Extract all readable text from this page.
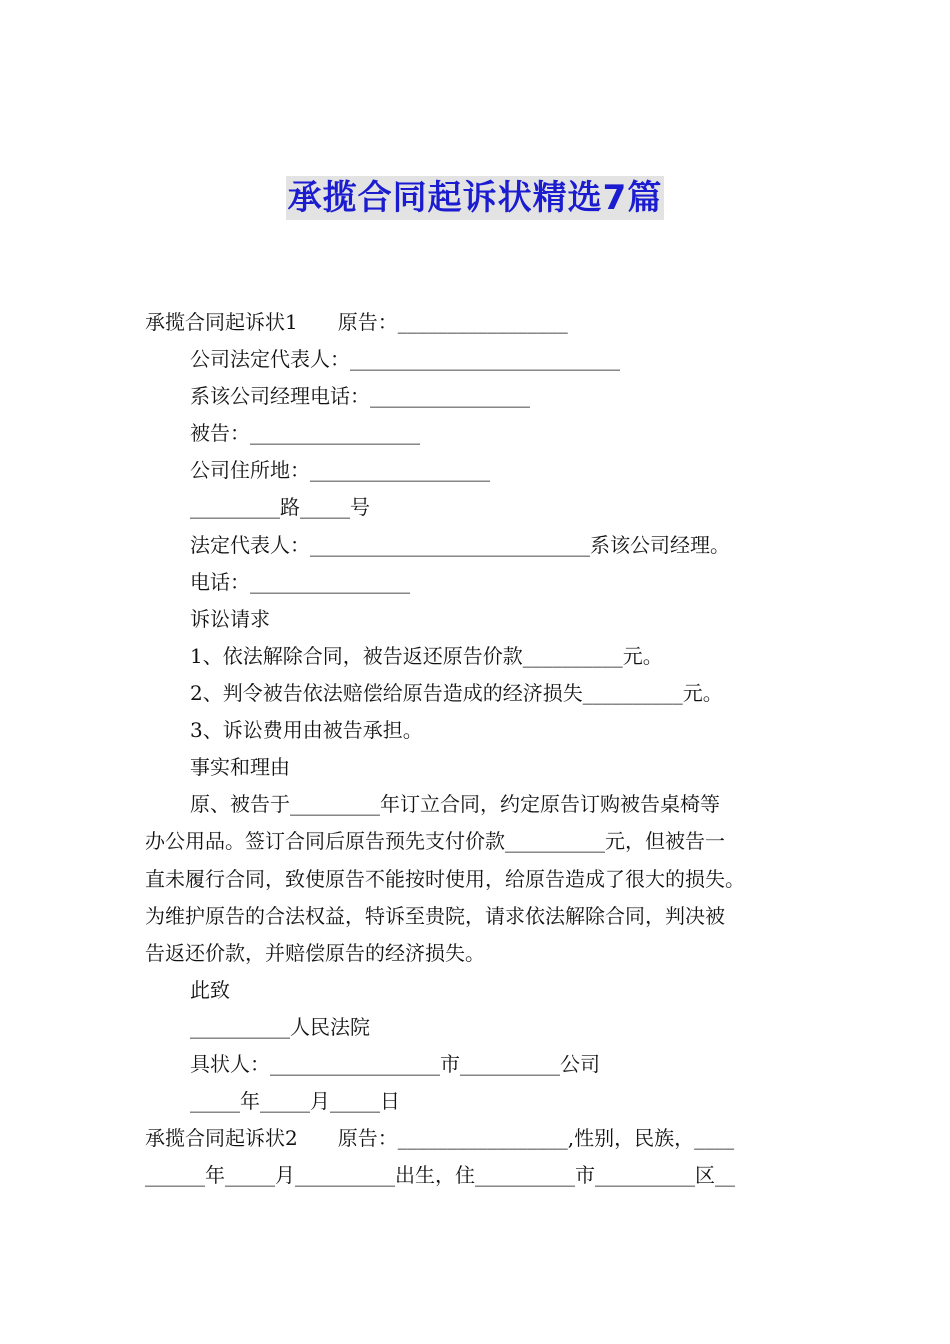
承揽合同起诉状精选7篇
承揽合同起诉状1　　原告：_________________
公司法定代表人：___________________________
系该公司经理电话：________________
被告：_________________
公司住所地：__________________
_________路_____号
法定代表人：____________________________系该公司经理。
电话：________________
诉讼请求
1、依法解除合同，被告返还原告价款__________元。
2、判令被告依法赔偿给原告造成的经济损失__________元。
3、诉讼费用由被告承担。
事实和理由
原、被告于_________年订立合同，约定原告订购被告桌椅等
办公用品。签订合同后原告预先支付价款__________元，但被告一
直未履行合同，致使原告不能按时使用，给原告造成了很大的损失。
为维护原告的合法权益，特诉至贵院，请求依法解除合同，判决被
告返还价款，并赔偿原告的经济损失。
此致
__________人民法院
具状人：_________________市__________公司
_____年_____月_____日
承揽合同起诉状2　　原告：_________________,性别，民族，____
______年_____月__________出生，住__________市__________区__
